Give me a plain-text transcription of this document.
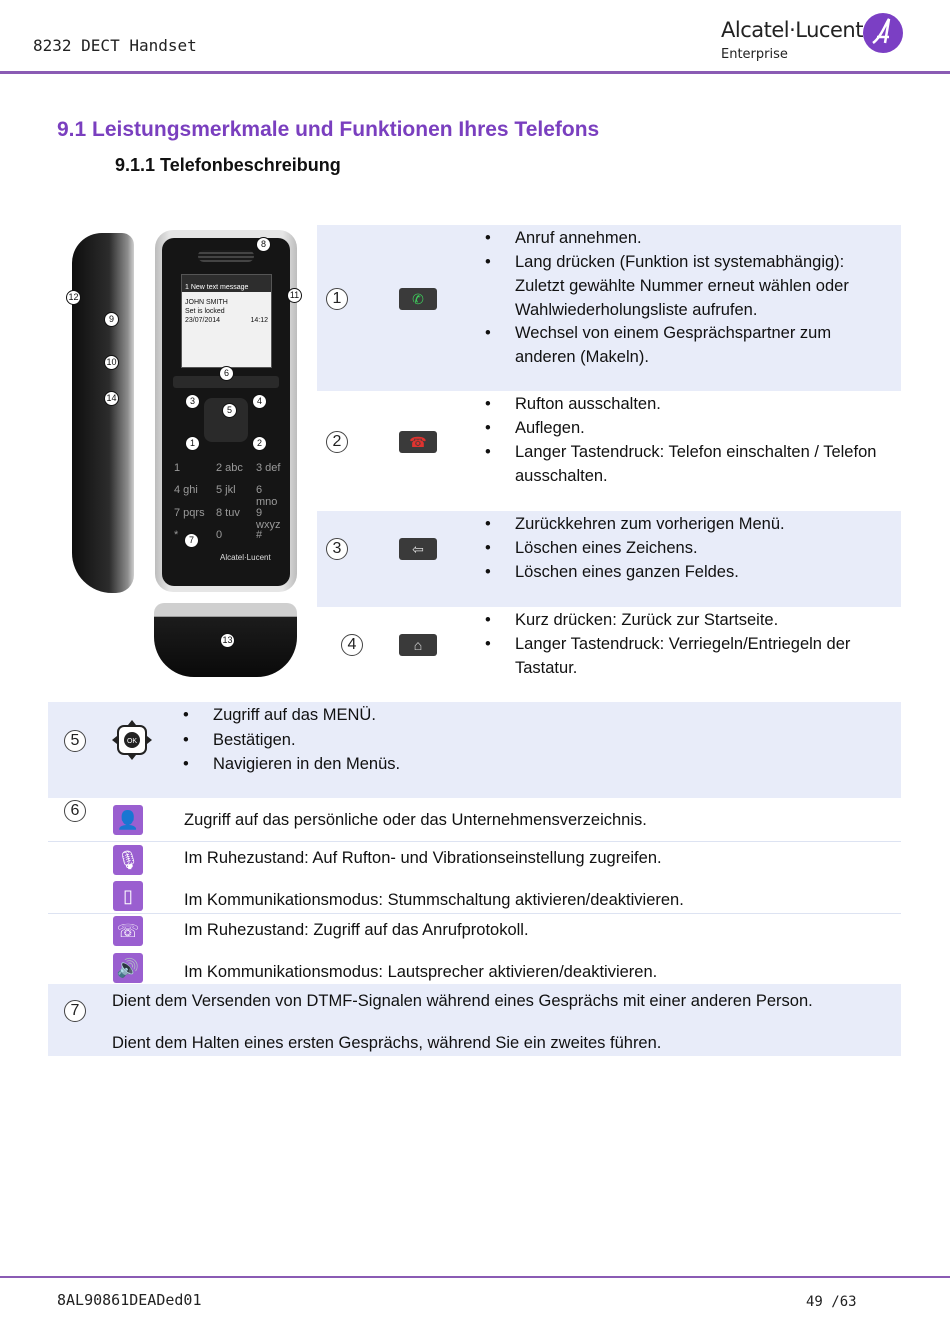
8232 DECT Handset
Alcatel·Lucent
Enterprise
9.1 Leistungsmerkmale und Funktionen Ihres Telefons
9.1.1 Telefonbeschreibung
1 New text message
JOHN SMITH
Set is locked
23/07/2014	14:12
1	2 abc 3 def
4 ghi 5 jkl 6 mno
7 pqrs 8 tuv 9 wxyz
*	0	#
Alcatel·Lucent
1	2
3	4
5
6
7
8
9
10
11
12
13
14
1	✆
• Anruf annehmen.
• Lang drücken (Funktion ist systemabhängig): Zuletzt gewählte Nummer erneut wählen oder Wahlwiederholungsliste aufrufen.
• Wechsel von einem Gesprächspartner zum anderen (Makeln).
2	☎
• Rufton ausschalten.
• Auflegen.
• Langer Tastendruck: Telefon einschalten / Telefon ausschalten.
3	⇦
• Zurückkehren zum vorherigen Menü.
• Löschen eines Zeichens.
• Löschen eines ganzen Feldes.
4	⌂
• Kurz drücken: Zurück zur Startseite.
• Langer Tastendruck: Verriegeln/Entriegeln der Tastatur.
5	OK
• Zugriff auf das MENÜ.
• Bestätigen.
• Navigieren in den Menüs.
6	👤	Zugriff auf das persönliche oder das Unternehmensverzeichnis.
🎙	Im Ruhezustand: Auf Rufton- und Vibrationseinstellung zugreifen.
▯	Im Kommunikationsmodus: Stummschaltung aktivieren/deaktivieren.
☏	Im Ruhezustand: Zugriff auf das Anrufprotokoll.
🔊	Im Kommunikationsmodus: Lautsprecher aktivieren/deaktivieren.
7
Dient dem Versenden von DTMF-Signalen während eines Gesprächs mit einer anderen Person.
Dient dem Halten eines ersten Gesprächs, während Sie ein zweites führen.
8AL90861DEADed01	49 /63
